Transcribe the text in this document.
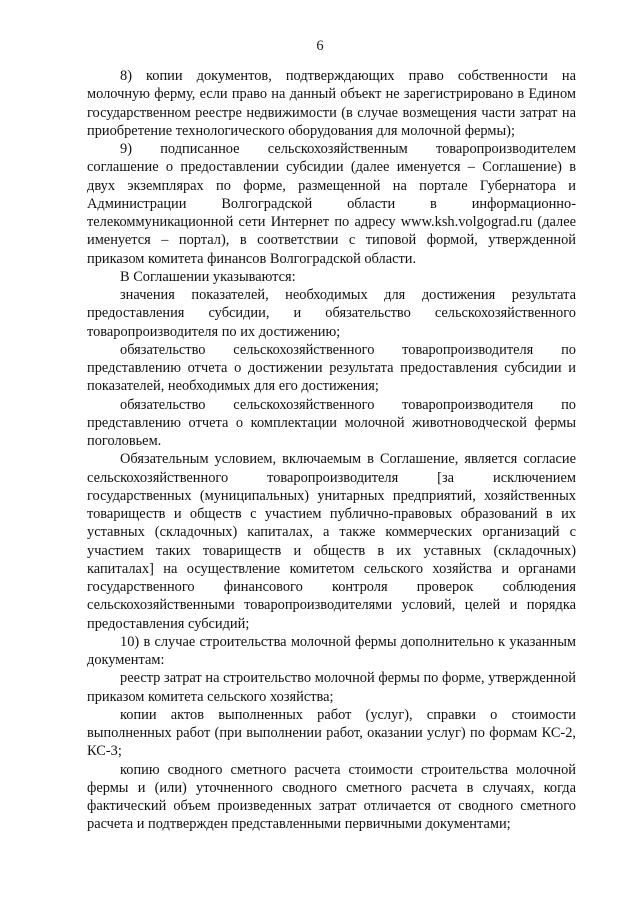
6

8) копии документов, подтверждающих право собственности на молочную ферму, если право на данный объект не зарегистрировано в Едином государственном реестре недвижимости (в случае возмещения части затрат на приобретение технологического оборудования для молочной фермы);

9) подписанное сельскохозяйственным товаропроизводителем соглашение о предоставлении субсидии (далее именуется – Соглашение) в двух экземплярах по форме, размещенной на портале Губернатора и Администрации Волгоградской области в информационно-телекоммуникационной сети Интернет по адресу www.ksh.volgograd.ru (далее именуется – портал), в соответствии с типовой формой, утвержденной приказом комитета финансов Волгоградской области.

В Соглашении указываются:

значения показателей, необходимых для достижения результата предоставления субсидии, и обязательство сельскохозяйственного товаропроизводителя по их достижению;

обязательство сельскохозяйственного товаропроизводителя по представлению отчета о достижении результата предоставления субсидии и показателей, необходимых для его достижения;

обязательство сельскохозяйственного товаропроизводителя по представлению отчета о комплектации молочной животноводческой фермы поголовьем.

Обязательным условием, включаемым в Соглашение, является согласие сельскохозяйственного товаропроизводителя [за исключением государственных (муниципальных) унитарных предприятий, хозяйственных товариществ и обществ с участием публично-правовых образований в их уставных (складочных) капиталах, а также коммерческих организаций с участием таких товариществ и обществ в их уставных (складочных) капиталах] на осуществление комитетом сельского хозяйства и органами государственного финансового контроля проверок соблюдения сельскохозяйственными товаропроизводителями условий, целей и порядка предоставления субсидий;

10) в случае строительства молочной фермы дополнительно к указанным документам:

реестр затрат на строительство молочной фермы по форме, утвержденной приказом комитета сельского хозяйства;

копии актов выполненных работ (услуг), справки о стоимости выполненных работ (при выполнении работ, оказании услуг) по формам КС-2, КС-3;

копию сводного сметного расчета стоимости строительства молочной фермы и (или) уточненного сводного сметного расчета в случаях, когда фактический объем произведенных затрат отличается от сводного сметного расчета и подтвержден представленными первичными документами;
